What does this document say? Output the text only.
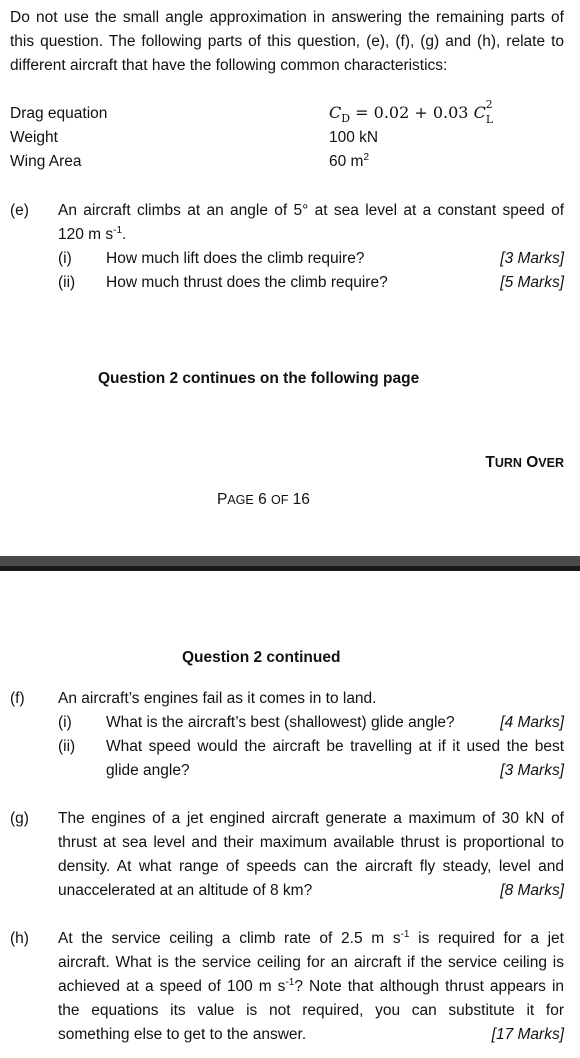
Do not use the small angle approximation in answering the remaining parts of
this question. The following parts of this question, (e), (f), (g) and (h), relate to
different aircraft that have the following common characteristics:
Drag equation	$C_D = 0.02 + 0.03$ C 2
$_L$
Weight	100 kN
Wing Area	60 $m^2$
(e) An aircraft climbs at an angle of 5° at sea level at a constant speed of
120 m $s^{-1}$.
(i) How much lift does the climb require?	[3 Marks]
(ii) How much thrust does the climb require?	[5 Marks]
Question 2 continues on the following page
TURN OVER
PAGE 6 OF 16
Question 2 continued
(f) An aircraft’s engines fail as it comes in to land.
(i) What is the aircraft’s best (shallowest) glide angle?	[4 Marks]
(ii) What speed would the aircraft be travelling at if it used the best
glide angle?	[3 Marks]
(g) The engines of a jet engined aircraft generate a maximum of 30 kN of
thrust at sea level and their maximum available thrust is proportional to
density. At what range of speeds can the aircraft fly steady, level and
unaccelerated at an altitude of 8 km?	[8 Marks]
(h) At the service ceiling a climb rate of 2.5 m $s^{-1}$ is required for a jet
aircraft. What is the service ceiling for an aircraft if the service ceiling is
achieved at a speed of 100 m $s^{-1}$? Note that although thrust appears in
the equations its value is not required, you can substitute it for
something else to get to the answer.	[17 Marks]
